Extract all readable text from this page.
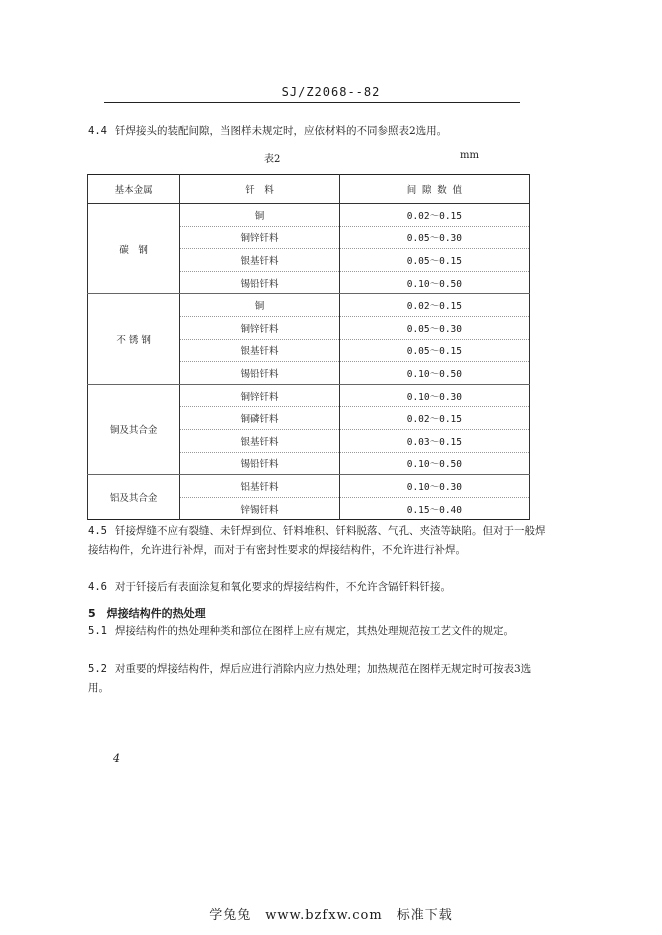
SJ/Z2068--82
4.4 钎焊接头的装配间隙，当图样未规定时，应依材料的不同参照表2选用。
表2	mm
基本金属	钎　料	间 隙 数 值
碳　钢	铜	0.02～0.15
	铜锌钎料	0.05～0.30
	银基钎料	0.05～0.15
	锡铅钎料	0.10～0.50
不 锈 钢	铜	0.02～0.15
	铜锌钎料	0.05～0.30
	银基钎料	0.05～0.15
	锡铅钎料	0.10～0.50
铜及其合金	铜锌钎料	0.10～0.30
	铜磷钎料	0.02～0.15
	银基钎料	0.03～0.15
	锡铅钎料	0.10～0.50
铝及其合金	铝基钎料	0.10～0.30
	锌锡钎料	0.15～0.40
4.5 钎接焊缝不应有裂缝、未钎焊到位、钎料堆积、钎料脱落、气孔、夹渣等缺陷。但对于一般焊接结构件，允许进行补焊，而对于有密封性要求的焊接结构件，不允许进行补焊。
4.6 对于钎接后有表面涂复和氧化要求的焊接结构件，不允许含镉钎料钎接。
5　焊接结构件的热处理
5.1 焊接结构件的热处理种类和部位在图样上应有规定，其热处理规范按工艺文件的规定。
5.2 对重要的焊接结构件，焊后应进行消除内应力热处理；加热规范在图样无规定时可按表3选用。
4
学兔兔　www.bzfxw.com　标准下载
